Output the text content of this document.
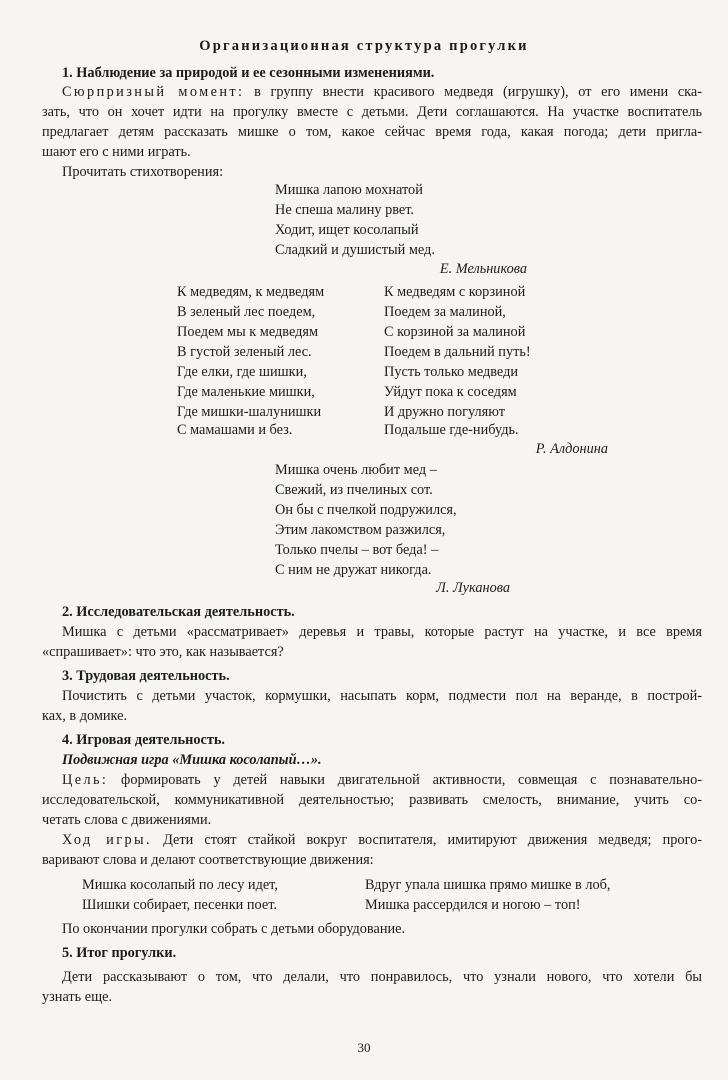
Организационная структура прогулки
1. Наблюдение за природой и ее сезонными изменениями.
Сюрпризный момент: в группу внести красивого медведя (игрушку), от его имени ска-
зать, что он хочет идти на прогулку вместе с детьми. Дети соглашаются. На участке воспитатель
предлагает детям рассказать мишке о том, какое сейчас время года, какая погода; дети пригла-
шают его с ними играть.
Прочитать стихотворения:
Мишка лапою мохнатой
Не спеша малину рвет.
Ходит, ищет косолапый
Сладкий и душистый мед.
Е. Мельникова
К медведям, к медведям
В зеленый лес поедем,
Поедем мы к медведям
В густой зеленый лес.
Где елки, где шишки,
Где маленькие мишки,
Где мишки-шалунишки
С мамашами и без.
К медведям с корзиной
Поедем за малиной,
С корзиной за малиной
Поедем в дальний путь!
Пусть только медведи
Уйдут пока к соседям
И дружно погуляют
Подальше где-нибудь.
Р. Алдонина
Мишка очень любит мед –
Свежий, из пчелиных сот.
Он бы с пчелкой подружился,
Этим лакомством разжился,
Только пчелы – вот беда! –
С ним не дружат никогда.
Л. Луканова
2. Исследовательская деятельность.
Мишка с детьми «рассматривает» деревья и травы, которые растут на участке, и все время
«спрашивает»: что это, как называется?
3. Трудовая деятельность.
Почистить с детьми участок, кормушки, насыпать корм, подмести пол на веранде, в построй-
ках, в домике.
4. Игровая деятельность.
Подвижная игра «Мишка косолапый…».
Цель: формировать у детей навыки двигательной активности, совмещая с познавательно-
исследовательской, коммуникативной деятельностью; развивать смелость, внимание, учить со-
четать слова с движениями.
Ход игры. Дети стоят стайкой вокруг воспитателя, имитируют движения медведя; прого-
варивают слова и делают соответствующие движения:
Мишка косолапый по лесу идет,
Шишки собирает, песенки поет.
Вдруг упала шишка прямо мишке в лоб,
Мишка рассердился и ногою – топ!
По окончании прогулки собрать с детьми оборудование.
5. Итог прогулки.
Дети рассказывают о том, что делали, что понравилось, что узнали нового, что хотели бы
узнать еще.
30
